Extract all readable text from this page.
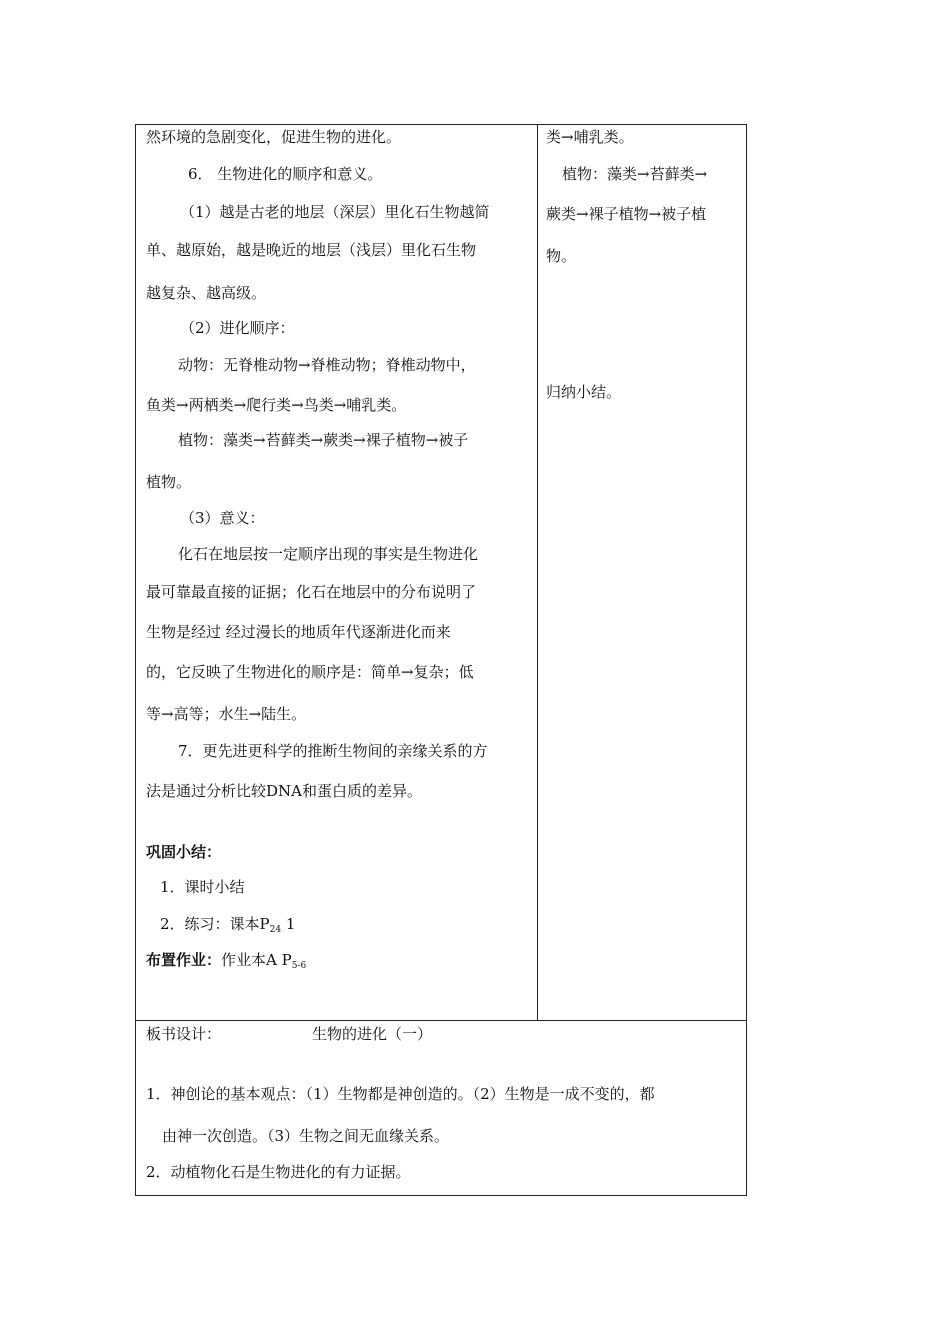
然环境的急剧变化，促进生物的进化。
6． 生物进化的顺序和意义。
（1）越是古老的地层（深层）里化石生物越简
单、越原始，越是晚近的地层（浅层）里化石生物
越复杂、越高级。
（2）进化顺序：
动物：无脊椎动物→脊椎动物；脊椎动物中，
鱼类→两栖类→爬行类→鸟类→哺乳类。
植物：藻类→苔藓类→蕨类→裸子植物→被子
植物。
（3）意义：
化石在地层按一定顺序出现的事实是生物进化
最可靠最直接的证据；化石在地层中的分布说明了
生物是经过 经过漫长的地质年代逐渐进化而来
的，它反映了生物进化的顺序是：简单→复杂；低
等→高等；水生→陆生。
7．更先进更科学的推断生物间的亲缘关系的方
法是通过分析比较DNA和蛋白质的差异。
巩固小结：
1．课时小结
2．练习：课本$P_{24}$ 1
布置作业：作业本A $P_{5-6}$
类→哺乳类。
植物：藻类→苔藓类→
蕨类→裸子植物→被子植
物。
归纳小结。
板书设计：	生物的进化（一）
1．神创论的基本观点：（1）生物都是神创造的。（2）生物是一成不变的，都
由神一次创造。（3）生物之间无血缘关系。
2．动植物化石是生物进化的有力证据。
